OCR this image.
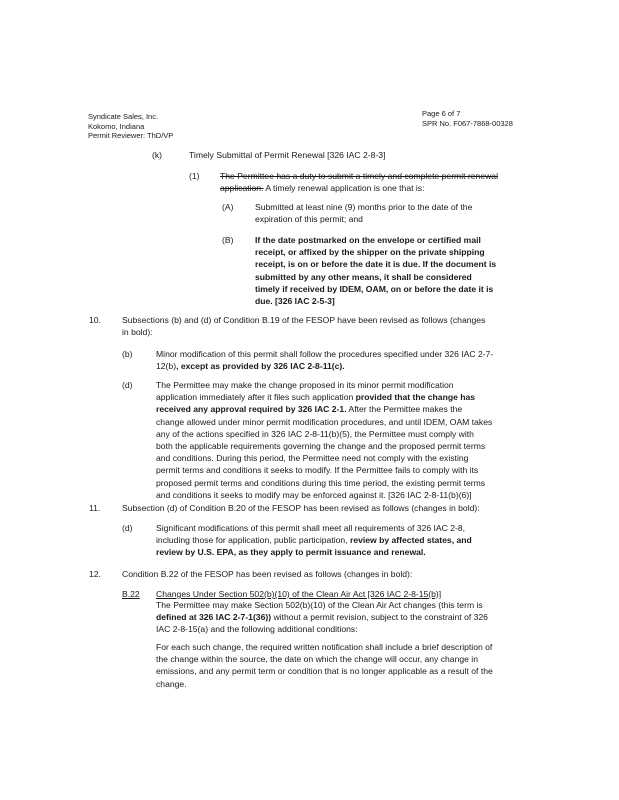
Syndicate Sales, Inc.
Kokomo, Indiana
Permit Reviewer: ThD/VP
Page 6 of 7
SPR No. F067-7868-00328
(k)	Timely Submittal of Permit Renewal [326 IAC 2-8-3]
(1) The Permittee has a duty to submit a timely and complete permit renewal application. A timely renewal application is one that is:
(A)	Submitted at least nine (9) months prior to the date of the
expiration of this permit; and
(B)	If the date postmarked on the envelope or certified mail
receipt, or affixed by the shipper on the private shipping
receipt, is on or before the date it is due. If the document is
submitted by any other means, it shall be considered
timely if received by IDEM, OAM, on or before the date it is
due. [326 IAC 2-5-3]
10. Subsections (b) and (d) of Condition B.19 of the FESOP have been revised as follows (changes
in bold):
(b)	Minor modification of this permit shall follow the procedures specified under 326 IAC 2-7-
12(b), except as provided by 326 IAC 2-8-11(c).
(d)	The Permittee may make the change proposed in its minor permit modification
application immediately after it files such application provided that the change has
received any approval required by 326 IAC 2-1. After the Permittee makes the
change allowed under minor permit modification procedures, and until IDEM, OAM takes
any of the actions specified in 326 IAC 2-8-11(b)(5), the Permittee must comply with
both the applicable requirements governing the change and the proposed permit terms
and conditions. During this period, the Permittee need not comply with the existing
permit terms and conditions it seeks to modify. If the Permittee fails to comply with its
proposed permit terms and conditions during this time period, the existing permit terms
and conditions it seeks to modify may be enforced against it. [326 IAC 2-8-11(b)(6)]
11.	Subsection (d) of Condition B.20 of the FESOP has been revised as follows (changes in bold):
(d)	Significant modifications of this permit shall meet all requirements of 326 IAC 2-8,
including those for application, public participation, review by affected states, and
review by U.S. EPA, as they apply to permit issuance and renewal.
12. Condition B.22 of the FESOP has been revised as follows (changes in bold):
B.22 Changes Under Section 502(b)(10) of the Clean Air Act [326 IAC 2-8-15(b)]
The Permittee may make Section 502(b)(10) of the Clean Air Act changes (this term is
defined at 326 IAC 2-7-1(36)) without a permit revision, subject to the constraint of 326
IAC 2-8-15(a) and the following additional conditions:
For each such change, the required written notification shall include a brief description of
the change within the source, the date on which the change will occur, any change in
emissions, and any permit term or condition that is no longer applicable as a result of the
change.
